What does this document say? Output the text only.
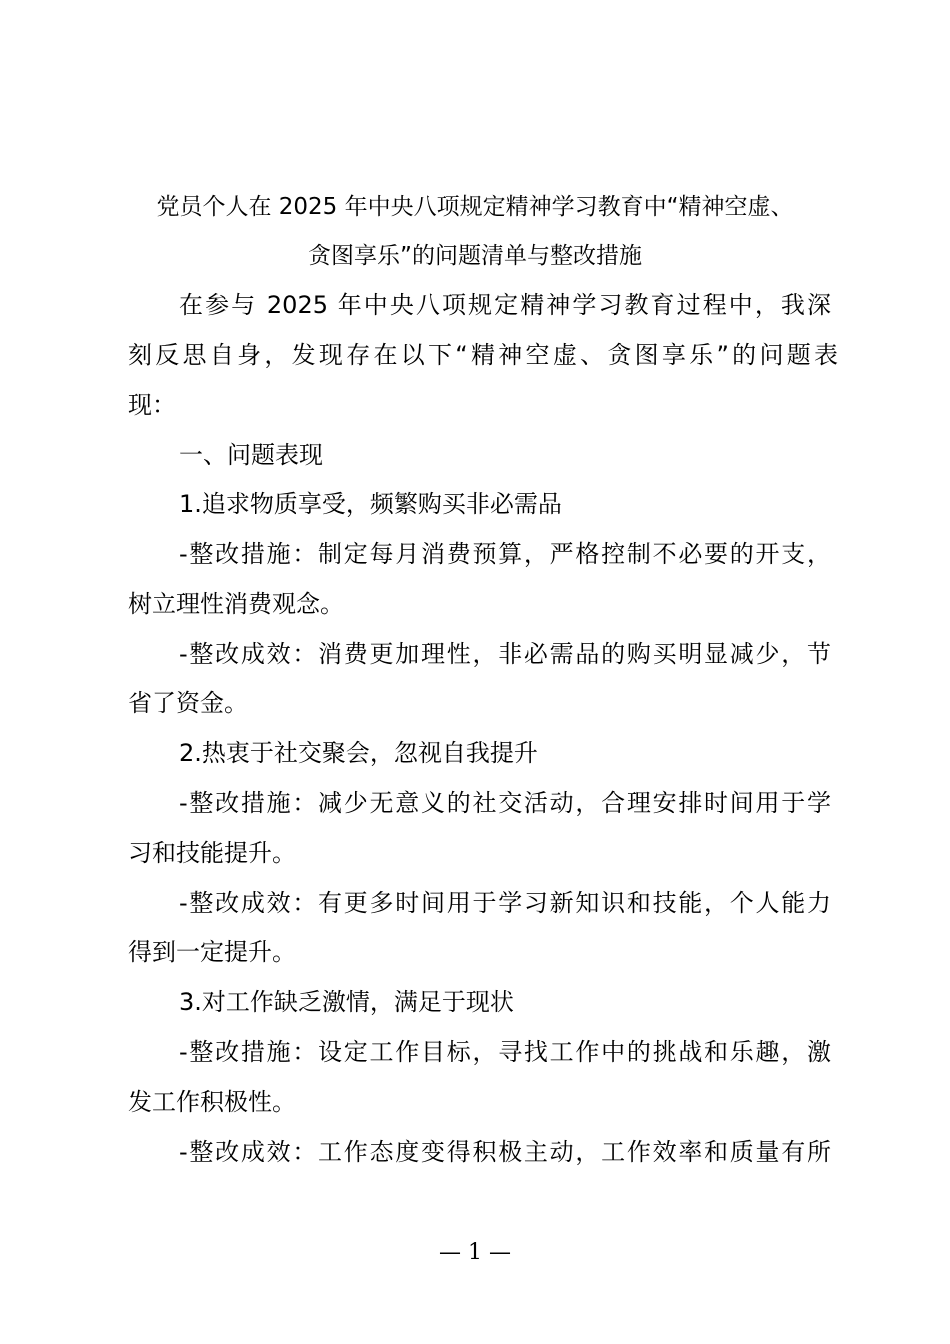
党员个人在 2025 年中央八项规定精神学习教育中“精神空虚、
贪图享乐”的问题清单与整改措施
在参与 2025 年中央八项规定精神学习教育过程中，我深
刻反思自身，发现存在以下“精神空虚、贪图享乐”的问题表
现：
一、问题表现
1.追求物质享受，频繁购买非必需品
-整改措施：制定每月消费预算，严格控制不必要的开支，
树立理性消费观念。
-整改成效：消费更加理性，非必需品的购买明显减少，节
省了资金。
2.热衷于社交聚会，忽视自我提升
-整改措施：减少无意义的社交活动，合理安排时间用于学
习和技能提升。
-整改成效：有更多时间用于学习新知识和技能，个人能力
得到一定提升。
3.对工作缺乏激情，满足于现状
-整改措施：设定工作目标，寻找工作中的挑战和乐趣，激
发工作积极性。
-整改成效：工作态度变得积极主动，工作效率和质量有所
— 1 —
